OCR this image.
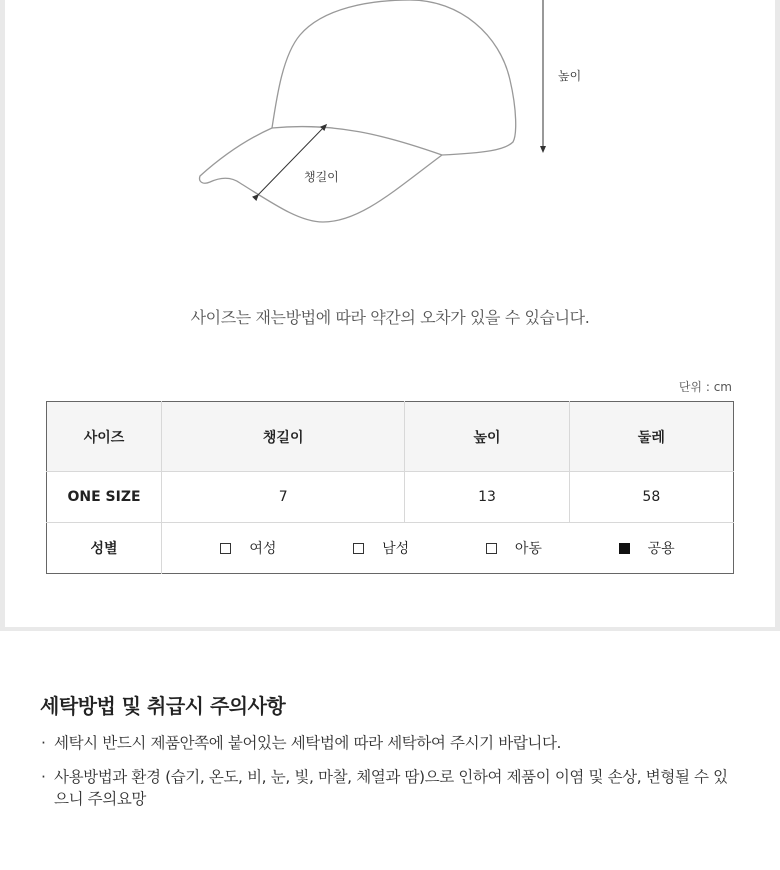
챙길이
높이
사이즈는 재는방법에 따라 약간의 오차가 있을 수 있습니다.
단위 : cm
사이즈	챙길이	높이	둘레
ONE SIZE	7	13	58
성별	여성 남성 아동 공용		
세탁방법 및 취급시 주의사항
· 세탁시 반드시 제품안쪽에 붙어있는 세탁법에 따라 세탁하여 주시기 바랍니다.
· 사용방법과 환경 (습기, 온도, 비, 눈, 빛, 마찰, 체열과 땀)으로 인하여 제품이 이염 및 손상, 변형될 수 있으니 주의요망
